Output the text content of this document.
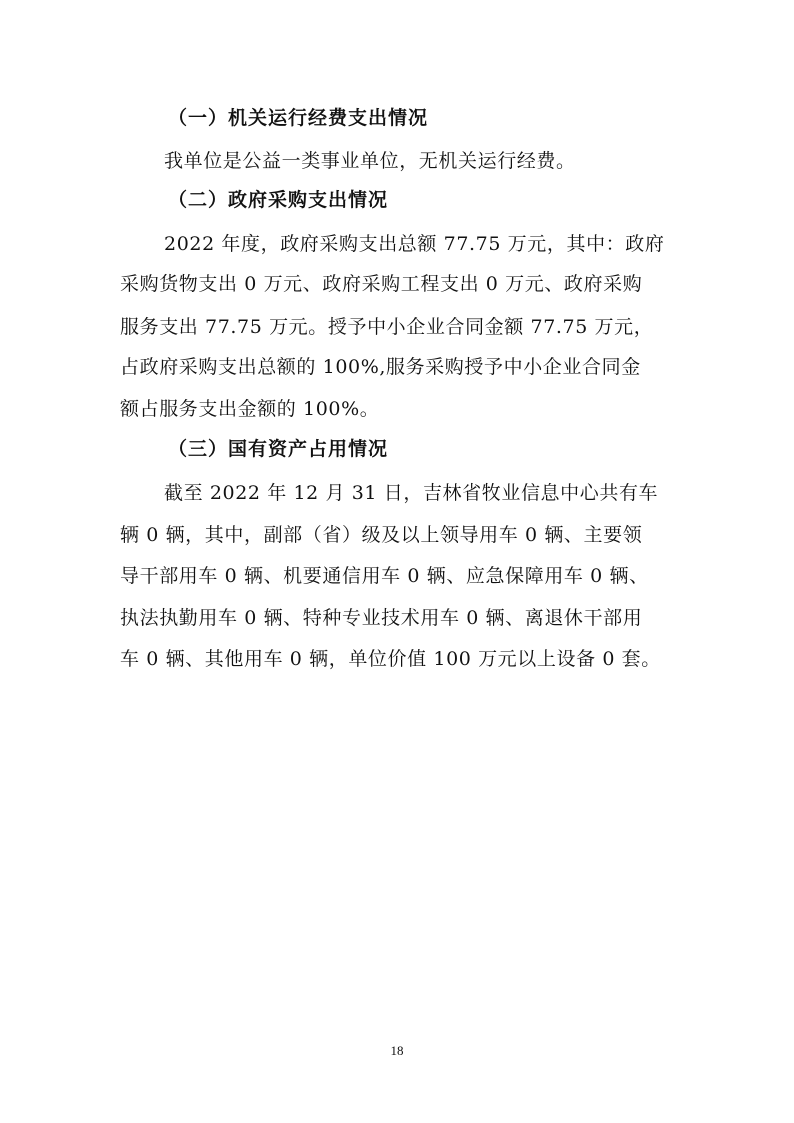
（一）机关运行经费支出情况
我单位是公益一类事业单位，无机关运行经费。
（二）政府采购支出情况
2022 年度，政府采购支出总额 77.75 万元，其中：政府
采购货物支出 0 万元、政府采购工程支出 0 万元、政府采购
服务支出 77.75 万元。授予中小企业合同金额 77.75 万元，
占政府采购支出总额的 100%,服务采购授予中小企业合同金
额占服务支出金额的 100%。
（三）国有资产占用情况
截至 2022 年 12 月 31 日，吉林省牧业信息中心共有车
辆 0 辆，其中，副部（省）级及以上领导用车 0 辆、主要领
导干部用车 0 辆、机要通信用车 0 辆、应急保障用车 0 辆、
执法执勤用车 0 辆、特种专业技术用车 0 辆、离退休干部用
车 0 辆、其他用车 0 辆，单位价值 100 万元以上设备 0 套。
18
